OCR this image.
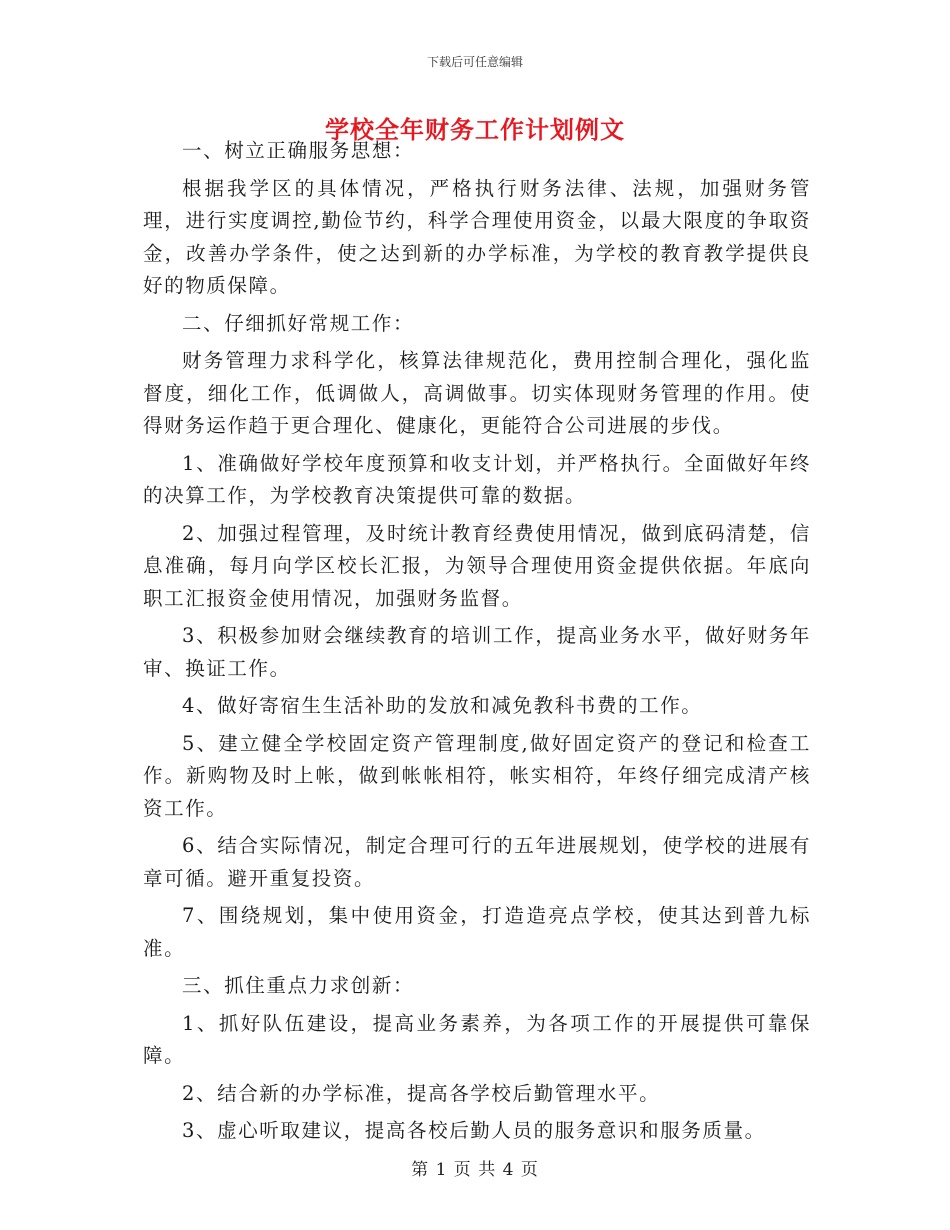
下载后可任意编辑
学校全年财务工作计划例文

一、树立正确服务思想：

根据我学区的具体情况，严格执行财务法律、法规，加强财务管理，进行实度调控,勤俭节约，科学合理使用资金，以最大限度的争取资金，改善办学条件，使之达到新的办学标准，为学校的教育教学提供良好的物质保障。

二、仔细抓好常规工作：

财务管理力求科学化，核算法律规范化，费用控制合理化，强化监督度，细化工作，低调做人，高调做事。切实体现财务管理的作用。使得财务运作趋于更合理化、健康化，更能符合公司进展的步伐。

1、准确做好学校年度预算和收支计划，并严格执行。全面做好年终的决算工作，为学校教育决策提供可靠的数据。

2、加强过程管理，及时统计教育经费使用情况，做到底码清楚，信息准确，每月向学区校长汇报，为领导合理使用资金提供依据。年底向职工汇报资金使用情况，加强财务监督。

3、积极参加财会继续教育的培训工作，提高业务水平，做好财务年审、换证工作。

4、做好寄宿生生活补助的发放和减免教科书费的工作。

5、建立健全学校固定资产管理制度,做好固定资产的登记和检查工作。新购物及时上帐，做到帐帐相符，帐实相符，年终仔细完成清产核资工作。

6、结合实际情况，制定合理可行的五年进展规划，使学校的进展有章可循。避开重复投资。

7、围绕规划，集中使用资金，打造造亮点学校，使其达到普九标准。

三、抓住重点力求创新：

1、抓好队伍建设，提高业务素养，为各项工作的开展提供可靠保障。

2、结合新的办学标准，提高各学校后勤管理水平。

3、虚心听取建议，提高各校后勤人员的服务意识和服务质量。

第 1 页 共 4 页
